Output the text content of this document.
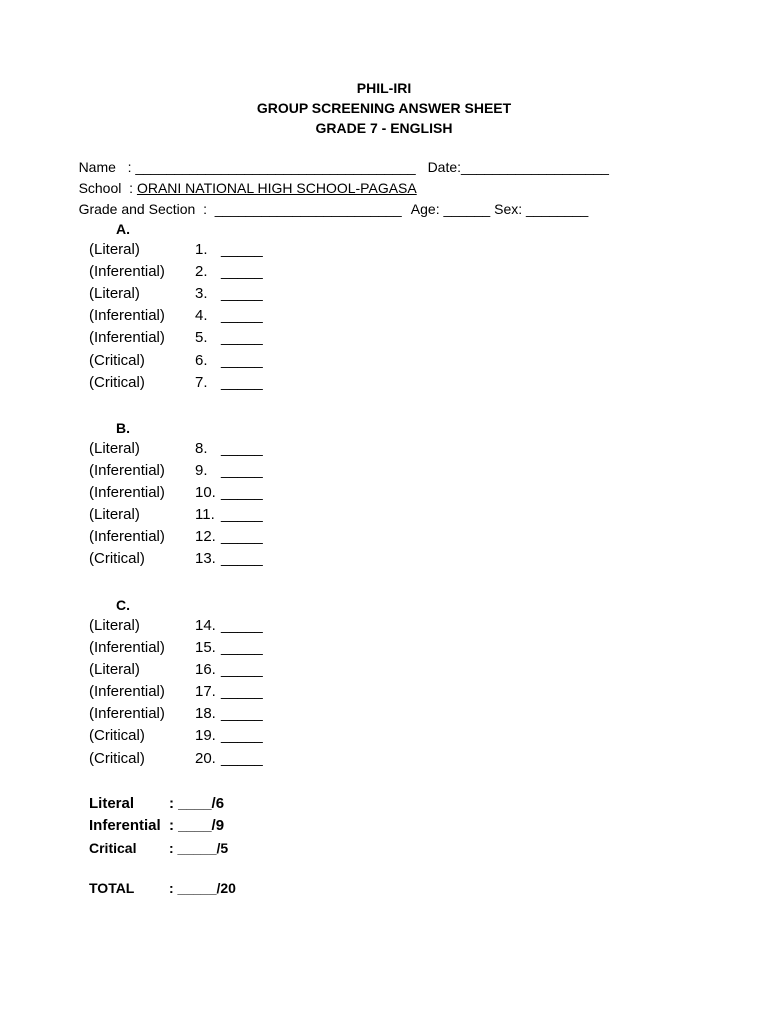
PHIL-IRI
GROUP SCREENING ANSWER SHEET
GRADE 7 - ENGLISH

Name   : ____________________________________
Date:___________________

School  : ORANI NATIONAL HIGH SCHOOL-PAGASA

Grade and Section  :  ________________________
Age: ______ Sex: ________

A.
(Literal)	1. _____
(Inferential) 2. _____
(Literal)	3. _____
(Inferential) 4. _____
(Inferential) 5. _____
(Critical)	6. _____
(Critical)	7. _____
B.
(Literal)	8. _____
(Inferential) 9. _____
(Inferential) 10. _____
(Literal)	11. _____
(Inferential) 12. _____
(Critical)	13. _____
C.
(Literal)	14. _____
(Inferential) 15. _____
(Literal)	16. _____
(Inferential) 17. _____
(Inferential) 18. _____
(Critical)	19. _____
(Critical)	20. _____
Literal : ____/6
Inferential : ____/9
Critical : _____/5
TOTAL : _____/20
